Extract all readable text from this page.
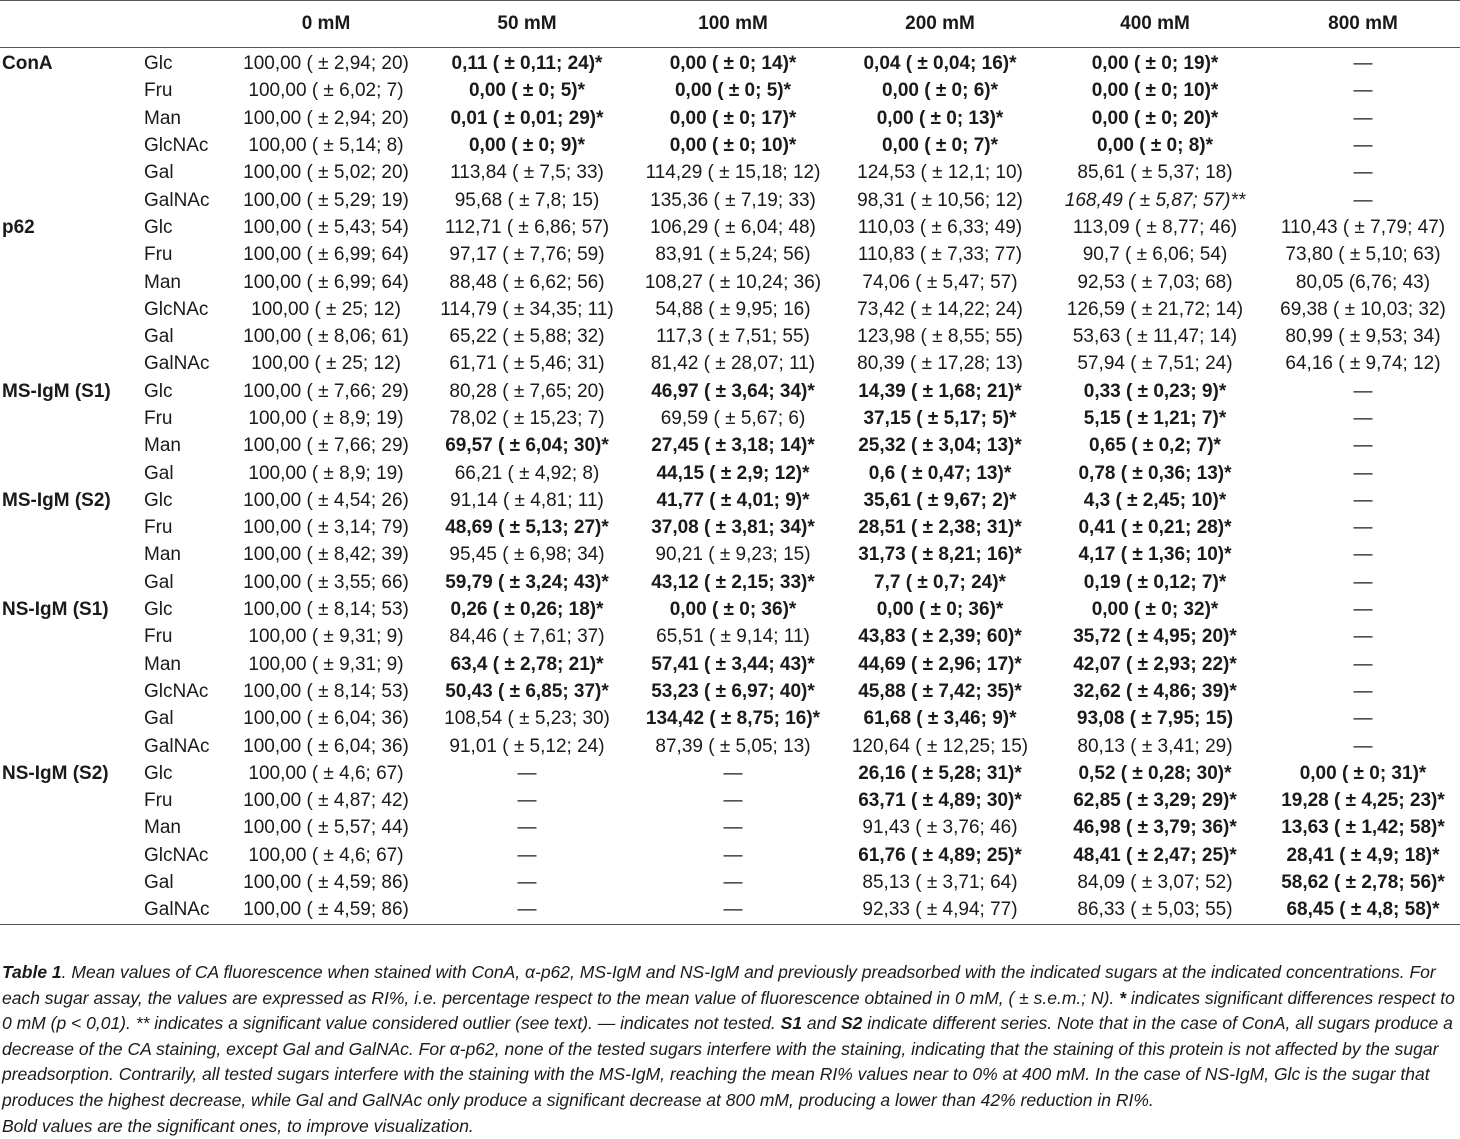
		0 mM	50 mM	100 mM	200 mM	400 mM	800 mM
ConA	Glc	100,00 ( ± 2,94; 20)	0,11 ( ± 0,11; 24)*	0,00 ( ± 0; 14)*	0,04 ( ± 0,04; 16)*	0,00 ( ± 0; 19)*	—
	Fru	100,00 ( ± 6,02; 7)	0,00 ( ± 0; 5)*	0,00 ( ± 0; 5)*	0,00 ( ± 0; 6)*	0,00 ( ± 0; 10)*	—
	Man	100,00 ( ± 2,94; 20)	0,01 ( ± 0,01; 29)*	0,00 ( ± 0; 17)*	0,00 ( ± 0; 13)*	0,00 ( ± 0; 20)*	—
	GlcNAc	100,00 ( ± 5,14; 8)	0,00 ( ± 0; 9)*	0,00 ( ± 0; 10)*	0,00 ( ± 0; 7)*	0,00 ( ± 0; 8)*	—
	Gal	100,00 ( ± 5,02; 20)	113,84 ( ± 7,5; 33)	114,29 ( ± 15,18; 12)	124,53 ( ± 12,1; 10)	85,61 ( ± 5,37; 18)	—
	GalNAc	100,00 ( ± 5,29; 19)	95,68 ( ± 7,8; 15)	135,36 ( ± 7,19; 33)	98,31 ( ± 10,56; 12)	168,49 ( ± 5,87; 57)**	—
p62	Glc	100,00 ( ± 5,43; 54)	112,71 ( ± 6,86; 57)	106,29 ( ± 6,04; 48)	110,03 ( ± 6,33; 49)	113,09 ( ± 8,77; 46)	110,43 ( ± 7,79; 47)
	Fru	100,00 ( ± 6,99; 64)	97,17 ( ± 7,76; 59)	83,91 ( ± 5,24; 56)	110,83 ( ± 7,33; 77)	90,7 ( ± 6,06; 54)	73,80 ( ± 5,10; 63)
	Man	100,00 ( ± 6,99; 64)	88,48 ( ± 6,62; 56)	108,27 ( ± 10,24; 36)	74,06 ( ± 5,47; 57)	92,53 ( ± 7,03; 68)	80,05 (6,76; 43)
	GlcNAc	100,00 ( ± 25; 12)	114,79 ( ± 34,35; 11)	54,88 ( ± 9,95; 16)	73,42 ( ± 14,22; 24)	126,59 ( ± 21,72; 14)	69,38 ( ± 10,03; 32)
	Gal	100,00 ( ± 8,06; 61)	65,22 ( ± 5,88; 32)	117,3 ( ± 7,51; 55)	123,98 ( ± 8,55; 55)	53,63 ( ± 11,47; 14)	80,99 ( ± 9,53; 34)
	GalNAc	100,00 ( ± 25; 12)	61,71 ( ± 5,46; 31)	81,42 ( ± 28,07; 11)	80,39 ( ± 17,28; 13)	57,94 ( ± 7,51; 24)	64,16 ( ± 9,74; 12)
MS-IgM (S1)	Glc	100,00 ( ± 7,66; 29)	80,28 ( ± 7,65; 20)	46,97 ( ± 3,64; 34)*	14,39 ( ± 1,68; 21)*	0,33 ( ± 0,23; 9)*	—
	Fru	100,00 ( ± 8,9; 19)	78,02 ( ± 15,23; 7)	69,59 ( ± 5,67; 6)	37,15 ( ± 5,17; 5)*	5,15 ( ± 1,21; 7)*	—
	Man	100,00 ( ± 7,66; 29)	69,57 ( ± 6,04; 30)*	27,45 ( ± 3,18; 14)*	25,32 ( ± 3,04; 13)*	0,65 ( ± 0,2; 7)*	—
	Gal	100,00 ( ± 8,9; 19)	66,21 ( ± 4,92; 8)	44,15 ( ± 2,9; 12)*	0,6 ( ± 0,47; 13)*	0,78 ( ± 0,36; 13)*	—
MS-IgM (S2)	Glc	100,00 ( ± 4,54; 26)	91,14 ( ± 4,81; 11)	41,77 ( ± 4,01; 9)*	35,61 ( ± 9,67; 2)*	4,3 ( ± 2,45; 10)*	—
	Fru	100,00 ( ± 3,14; 79)	48,69 ( ± 5,13; 27)*	37,08 ( ± 3,81; 34)*	28,51 ( ± 2,38; 31)*	0,41 ( ± 0,21; 28)*	—
	Man	100,00 ( ± 8,42; 39)	95,45 ( ± 6,98; 34)	90,21 ( ± 9,23; 15)	31,73 ( ± 8,21; 16)*	4,17 ( ± 1,36; 10)*	—
	Gal	100,00 ( ± 3,55; 66)	59,79 ( ± 3,24; 43)*	43,12 ( ± 2,15; 33)*	7,7 ( ± 0,7; 24)*	0,19 ( ± 0,12; 7)*	—
NS-IgM (S1)	Glc	100,00 ( ± 8,14; 53)	0,26 ( ± 0,26; 18)*	0,00 ( ± 0; 36)*	0,00 ( ± 0; 36)*	0,00 ( ± 0; 32)*	—
	Fru	100,00 ( ± 9,31; 9)	84,46 ( ± 7,61; 37)	65,51 ( ± 9,14; 11)	43,83 ( ± 2,39; 60)*	35,72 ( ± 4,95; 20)*	—
	Man	100,00 ( ± 9,31; 9)	63,4 ( ± 2,78; 21)*	57,41 ( ± 3,44; 43)*	44,69 ( ± 2,96; 17)*	42,07 ( ± 2,93; 22)*	—
	GlcNAc	100,00 ( ± 8,14; 53)	50,43 ( ± 6,85; 37)*	53,23 ( ± 6,97; 40)*	45,88 ( ± 7,42; 35)*	32,62 ( ± 4,86; 39)*	—
	Gal	100,00 ( ± 6,04; 36)	108,54 ( ± 5,23; 30)	134,42 ( ± 8,75; 16)*	61,68 ( ± 3,46; 9)*	93,08 ( ± 7,95; 15)	—
	GalNAc	100,00 ( ± 6,04; 36)	91,01 ( ± 5,12; 24)	87,39 ( ± 5,05; 13)	120,64 ( ± 12,25; 15)	80,13 ( ± 3,41; 29)	—
NS-IgM (S2)	Glc	100,00 ( ± 4,6; 67)	—	—	26,16 ( ± 5,28; 31)*	0,52 ( ± 0,28; 30)*	0,00 ( ± 0; 31)*
	Fru	100,00 ( ± 4,87; 42)	—	—	63,71 ( ± 4,89; 30)*	62,85 ( ± 3,29; 29)*	19,28 ( ± 4,25; 23)*
	Man	100,00 ( ± 5,57; 44)	—	—	91,43 ( ± 3,76; 46)	46,98 ( ± 3,79; 36)*	13,63 ( ± 1,42; 58)*
	GlcNAc	100,00 ( ± 4,6; 67)	—	—	61,76 ( ± 4,89; 25)*	48,41 ( ± 2,47; 25)*	28,41 ( ± 4,9; 18)*
	Gal	100,00 ( ± 4,59; 86)	—	—	85,13 ( ± 3,71; 64)	84,09 ( ± 3,07; 52)	58,62 ( ± 2,78; 56)*
	GalNAc	100,00 ( ± 4,59; 86)	—	—	92,33 ( ± 4,94; 77)	86,33 ( ± 5,03; 55)	68,45 ( ± 4,8; 58)*
Table 1. Mean values of CA fluorescence when stained with ConA, α-p62, MS-IgM and NS-IgM and previously preadsorbed with the indicated sugars at the indicated concentrations. For each sugar assay, the values are expressed as RI%, i.e. percentage respect to the mean value of fluorescence obtained in 0 mM, ( ± s.e.m.; N). * indicates significant differences respect to 0 mM (p < 0,01). ** indicates a significant value considered outlier (see text). — indicates not tested. S1 and S2 indicate different series. Note that in the case of ConA, all sugars produce a decrease of the CA staining, except Gal and GalNAc. For α-p62, none of the tested sugars interfere with the staining, indicating that the staining of this protein is not affected by the sugar preadsorption. Contrarily, all tested sugars interfere with the staining with the MS-IgM, reaching the mean RI% values near to 0% at 400 mM. In the case of NS-IgM, Glc is the sugar that produces the highest decrease, while Gal and GalNAc only produce a significant decrease at 800 mM, producing a lower than 42% reduction in RI%.
Bold values are the significant ones, to improve visualization.
